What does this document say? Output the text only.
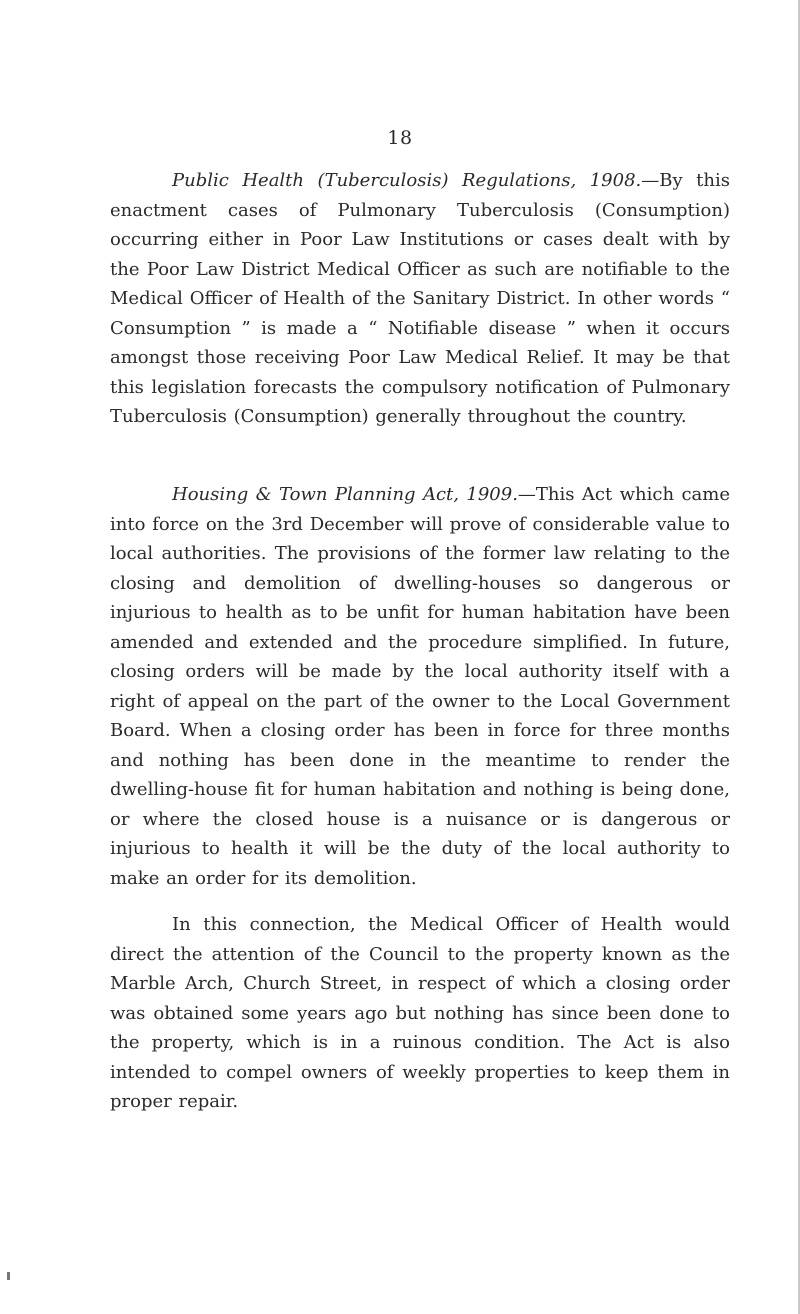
18

Public Health (Tuberculosis) Regulations, 1908.—By this enactment cases of Pulmonary Tuberculosis (Consumption) occurring either in Poor Law Institutions or cases dealt with by the Poor Law District Medical Officer as such are notifiable to the Medical Officer of Health of the Sanitary District. In other words “ Consumption ” is made a “ Notifiable disease ” when it occurs amongst those receiving Poor Law Medical Relief. It may be that this legislation forecasts the compulsory notification of Pulmonary Tuberculosis (Consumption) generally throughout the country.

Housing & Town Planning Act, 1909.—This Act which came into force on the 3rd December will prove of considerable value to local authorities. The provisions of the former law relating to the closing and demolition of dwelling-houses so dangerous or injurious to health as to be unfit for human habitation have been amended and extended and the procedure simplified. In future, closing orders will be made by the local authority itself with a right of appeal on the part of the owner to the Local Government Board. When a closing order has been in force for three months and nothing has been done in the meantime to render the dwelling-house fit for human habitation and nothing is being done, or where the closed house is a nuisance or is dangerous or injurious to health it will be the duty of the local authority to make an order for its demolition.

In this connection, the Medical Officer of Health would direct the attention of the Council to the property known as the Marble Arch, Church Street, in respect of which a closing order was obtained some years ago but nothing has since been done to the property, which is in a ruinous condition. The Act is also intended to compel owners of weekly properties to keep them in proper repair.
